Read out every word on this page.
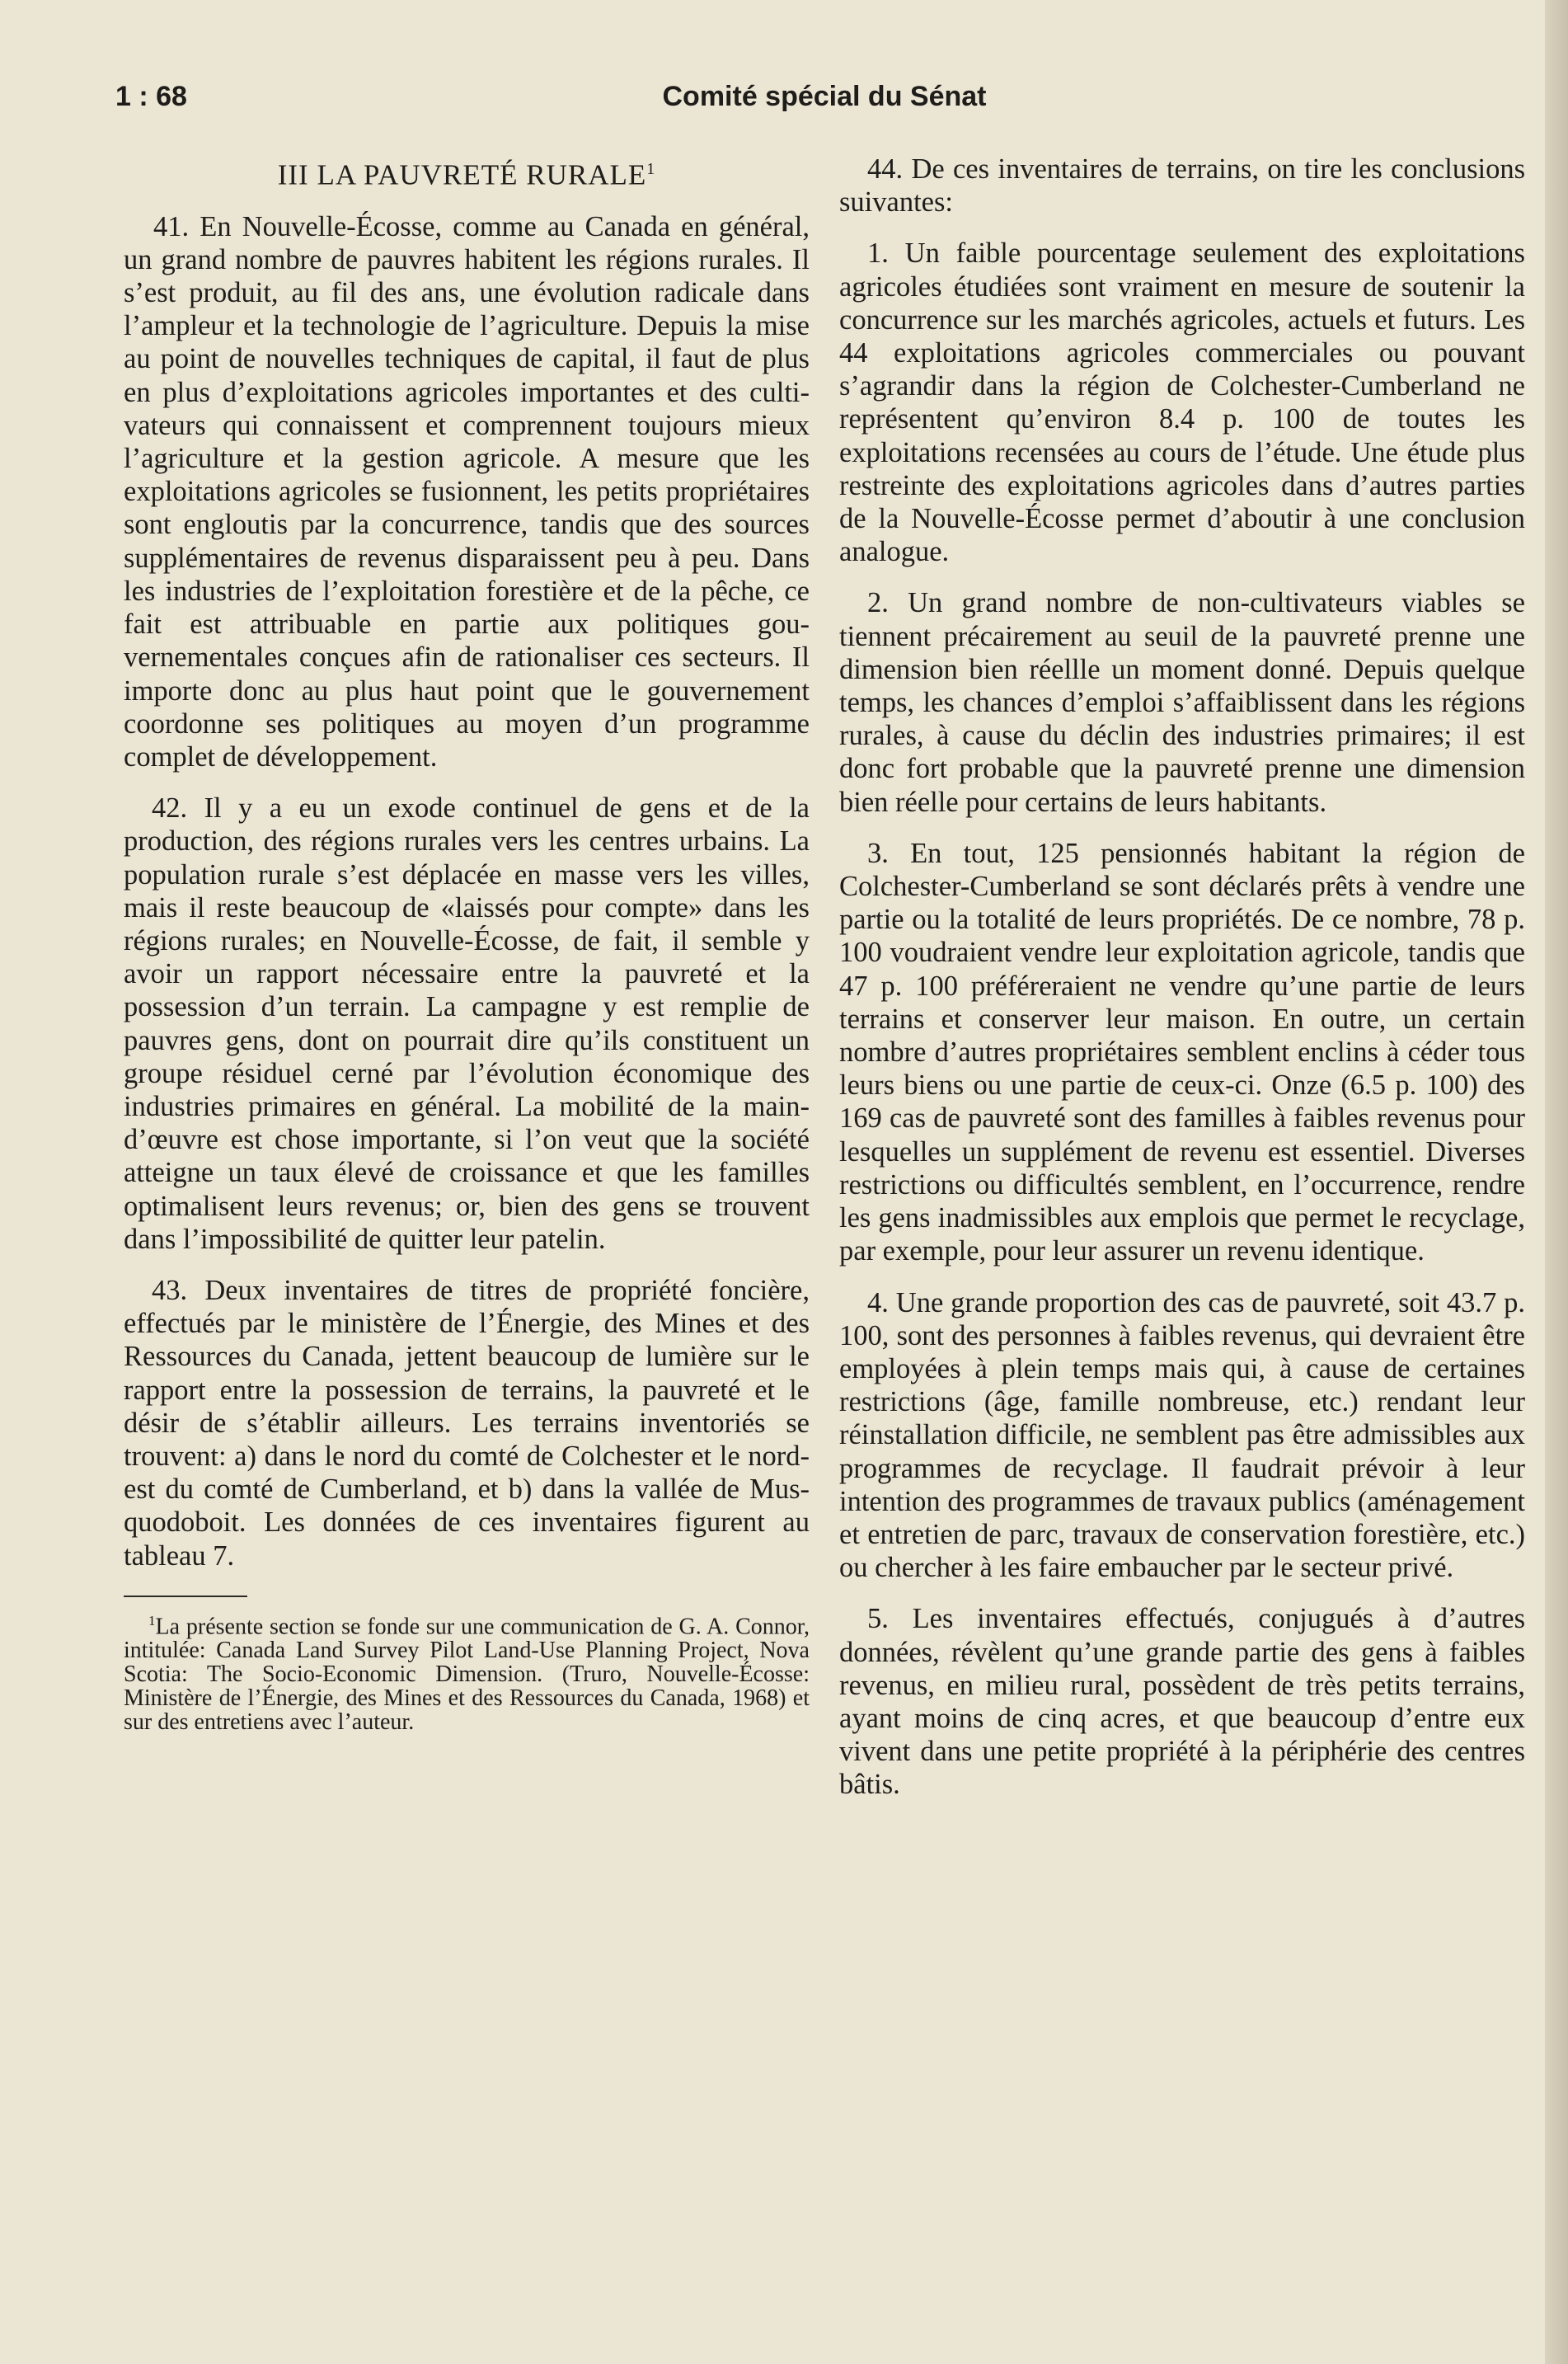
1 : 68	Comité spécial du Sénat
III LA PAUVRETÉ RURALE$^1$

41. En Nouvelle-Écosse, comme au Canada en général, un grand nombre de pauvres habitent les régions rurales. Il s’est produit, au fil des ans, une évolution radicale dans l’ampleur et la technologie de l’agriculture. Depuis la mise au point de nouvelles techniques de capital, il faut de plus en plus d’exploitations agricoles importantes et des cultivateurs qui connaissent et comprennent toujours mieux l’agriculture et la gestion agricole. A mesure que les exploitations agricoles se fusionnent, les petits propriétaires sont engloutis par la concurrence, tandis que des sources supplémentaires de revenus disparaissent peu à peu. Dans les industries de l’exploitation forestière et de la pêche, ce fait est attribuable en partie aux politiques gouvernementales conçues afin de rationaliser ces secteurs. Il importe donc au plus haut point que le gouvernement coordonne ses politiques au moyen d’un programme complet de développement.

42. Il y a eu un exode continuel de gens et de la production, des régions rurales vers les centres urbains. La population rurale s’est déplacée en masse vers les villes, mais il reste beaucoup de «laissés pour compte» dans les régions rurales; en Nouvelle-Écosse, de fait, il semble y avoir un rapport nécessaire entre la pauvreté et la possession d’un terrain. La campagne y est remplie de pauvres gens, dont on pourrait dire qu’ils constituent un groupe résiduel cerné par l’évolution économique des industries primaires en général. La mobilité de la main-d’œuvre est chose importante, si l’on veut que la société atteigne un taux élevé de croissance et que les familles optimalisent leurs revenus; or, bien des gens se trouvent dans l’impossibilité de quitter leur patelin.

43. Deux inventaires de titres de propriété foncière, effectués par le ministère de l’Énergie, des Mines et des Ressources du Canada, jettent beaucoup de lumière sur le rapport entre la possession de terrains, la pauvreté et le désir de s’établir ailleurs. Les terrains inventoriés se trouvent: a) dans le nord du comté de Colchester et le nord-est du comté de Cumberland, et b) dans la vallée de Musquodoboit. Les données de ces inventaires figurent au tableau 7.

$^1$La présente section se fonde sur une communication de G. A. Connor, intitulée: Canada Land Survey Pilot Land-Use Planning Project, Nova Scotia: The Socio-Economic Dimension. (Truro, Nouvelle-Écosse: Ministère de l’Énergie, des Mines et des Ressources du Canada, 1968) et sur des entretiens avec l’auteur.

44. De ces inventaires de terrains, on tire les conclusions suivantes:

1. Un faible pourcentage seulement des exploitations agricoles étudiées sont vraiment en mesure de soutenir la concurrence sur les marchés agricoles, actuels et futurs. Les 44 exploitations agricoles commerciales ou pouvant s’agrandir dans la région de Colchester-Cumberland ne représentent qu’environ 8.4 p. 100 de toutes les exploitations recensées au cours de l’étude. Une étude plus restreinte des exploitations agricoles dans d’autres parties de la Nouvelle-Écosse permet d’aboutir à une conclusion analogue.

2. Un grand nombre de non-cultivateurs viables se tiennent précairement au seuil de la pauvreté prenne une dimension bien réellle un moment donné. Depuis quelque temps, les chances d’emploi s’affaiblissent dans les régions rurales, à cause du déclin des industries primaires; il est donc fort probable que la pauvreté prenne une dimension bien réelle pour certains de leurs habitants.

3. En tout, 125 pensionnés habitant la région de Colchester-Cumberland se sont déclarés prêts à vendre une partie ou la totalité de leurs propriétés. De ce nombre, 78 p. 100 voudraient vendre leur exploitation agricole, tandis que 47 p. 100 préféreraient ne vendre qu’une partie de leurs terrains et conserver leur maison. En outre, un certain nombre d’autres propriétaires semblent enclins à céder tous leurs biens ou une partie de ceux-ci. Onze (6.5 p. 100) des 169 cas de pauvreté sont des familles à faibles revenus pour lesquelles un supplément de revenu est essentiel. Diverses restrictions ou difficultés semblent, en l’occurrence, rendre les gens inadmissibles aux emplois que permet le recyclage, par exemple, pour leur assurer un revenu identique.

4. Une grande proportion des cas de pauvreté, soit 43.7 p. 100, sont des personnes à faibles revenus, qui devraient être employées à plein temps mais qui, à cause de certaines restrictions (âge, famille nombreuse, etc.) rendant leur réinstallation difficile, ne semblent pas être admissibles aux programmes de recyclage. Il faudrait prévoir à leur intention des programmes de travaux publics (aménagement et entretien de parc, travaux de conservation forestière, etc.) ou chercher à les faire embaucher par le secteur privé.

5. Les inventaires effectués, conjugués à d’autres données, révèlent qu’une grande partie des gens à faibles revenus, en milieu rural, possèdent de très petits terrains, ayant moins de cinq acres, et que beaucoup d’entre eux vivent dans une petite propriété à la périphérie des centres bâtis.
